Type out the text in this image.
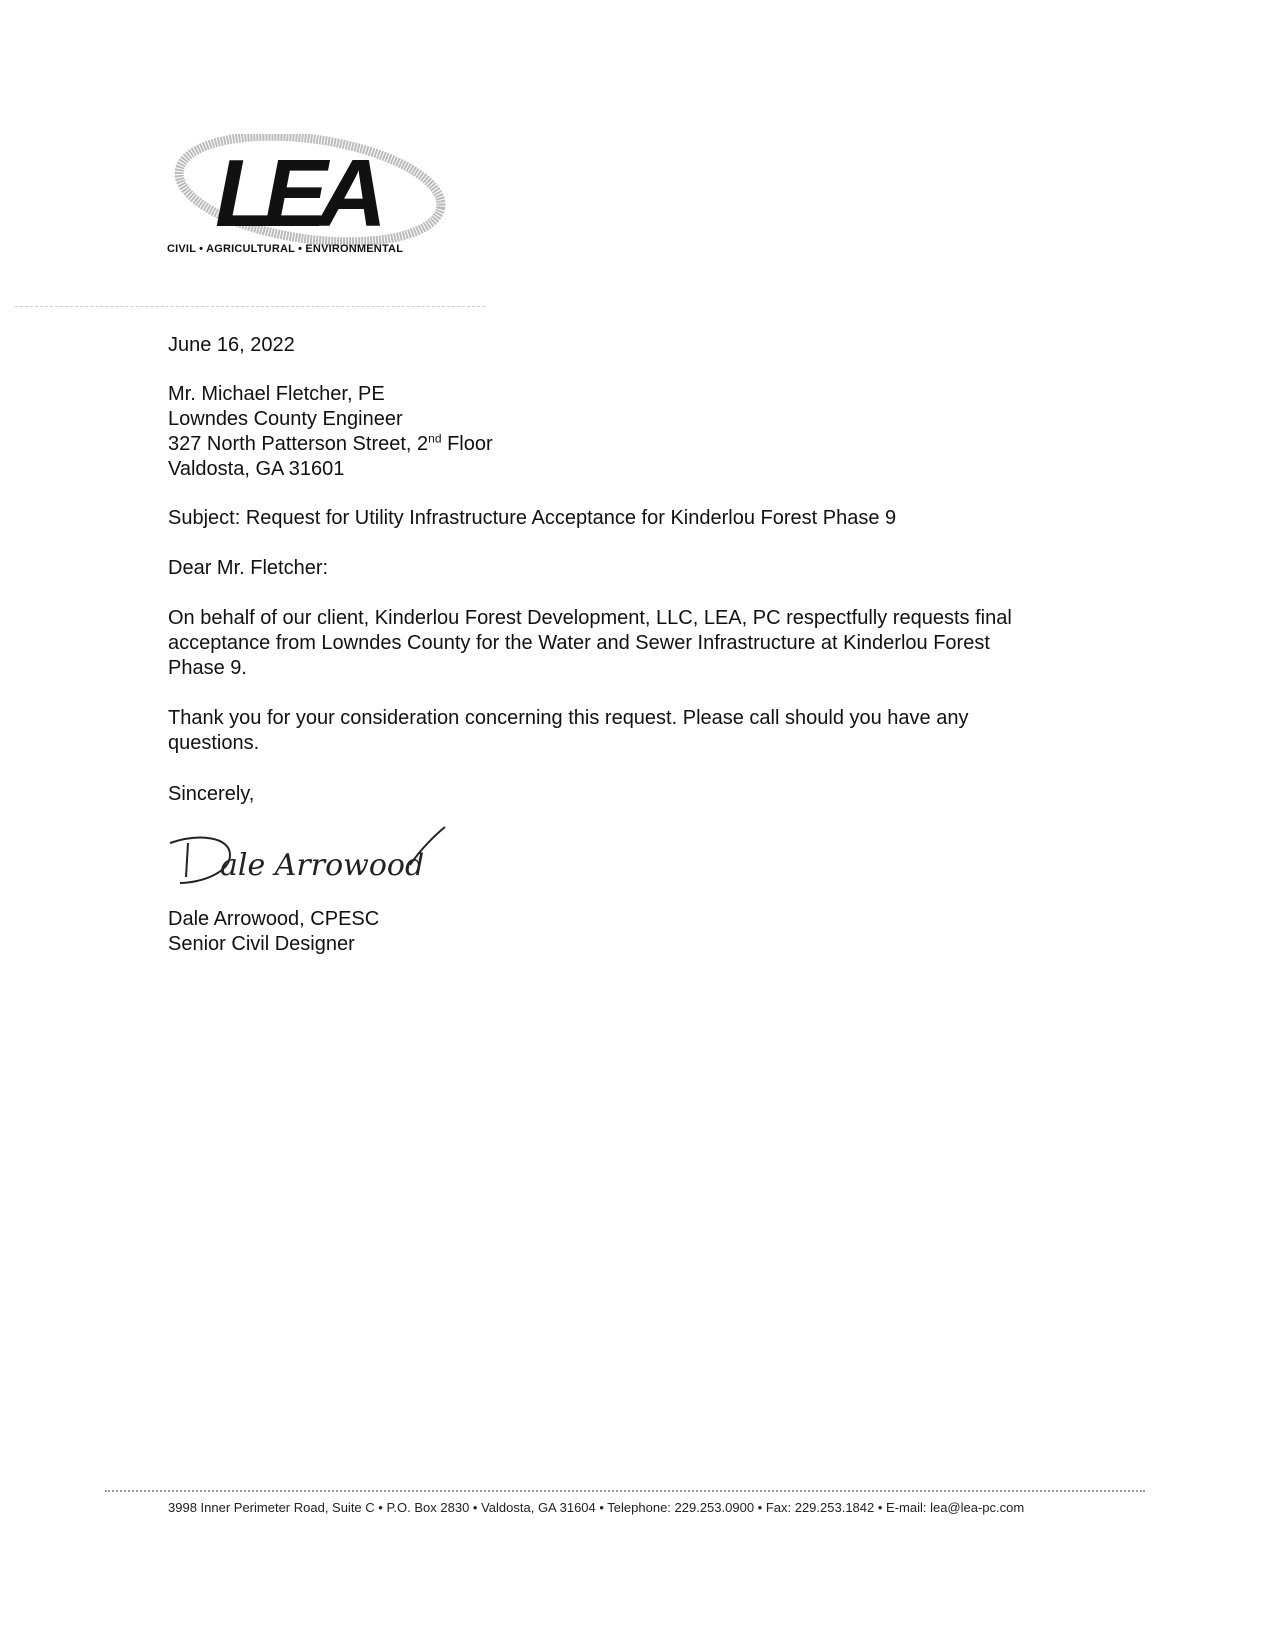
LEA
CIVIL • AGRICULTURAL • ENVIRONMENTAL
June 16, 2022
Mr. Michael Fletcher, PE
Lowndes County Engineer
327 North Patterson Street, 2nd Floor
Valdosta, GA 31601
Subject: Request for Utility Infrastructure Acceptance for Kinderlou Forest Phase 9
Dear Mr. Fletcher:
On behalf of our client, Kinderlou Forest Development, LLC, LEA, PC respectfully requests final
acceptance from Lowndes County for the Water and Sewer Infrastructure at Kinderlou Forest
Phase 9.
Thank you for your consideration concerning this request. Please call should you have any
questions.
Sincerely,
ale Arrowood
Dale Arrowood, CPESC
Senior Civil Designer
3998 Inner Perimeter Road, Suite C • P.O. Box 2830 • Valdosta, GA 31604 • Telephone: 229.253.0900 • Fax: 229.253.1842 • E-mail: lea@lea-pc.com
